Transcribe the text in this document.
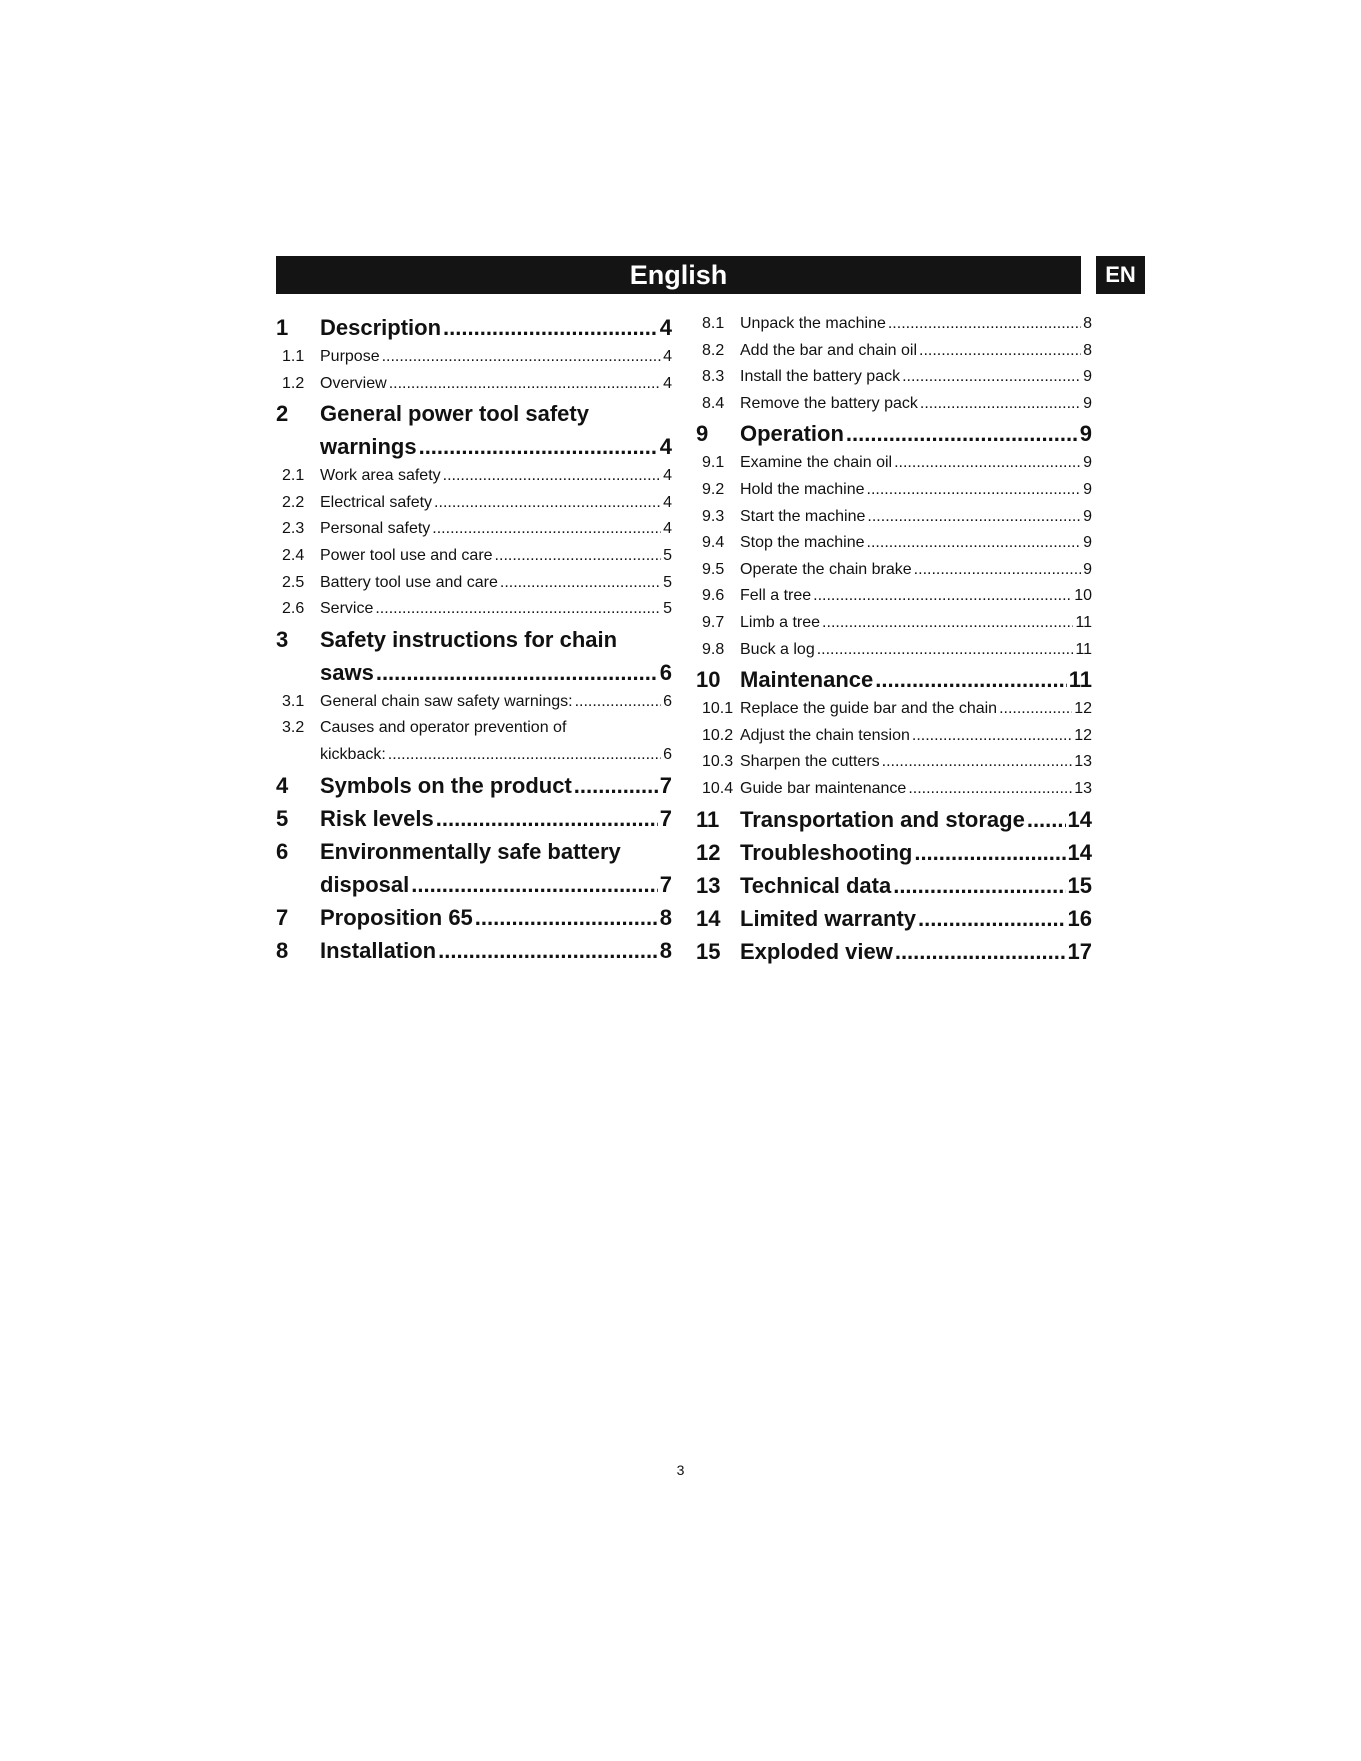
English	EN
1	Description .....	4
1.1 Purpose .....	4
1.2 Overview .....	4
2	General power tool safety
warnings .....	4
2.1 Work area safety .....	4
2.2 Electrical safety .....	4
2.3 Personal safety .....	4
2.4 Power tool use and care .....	5
2.5 Battery tool use and care .....	5
2.6 Service .....	5
3	Safety instructions for chain
saws .....	6
3.1 General chain saw safety warnings: .....	6
3.2 Causes and operator prevention of
kickback: .....	6
4	Symbols on the product .....	7
5	Risk levels .....	7
6	Environmentally safe battery
disposal .....	7
7	Proposition 65 .....	8
8	Installation .....	8
8.1 Unpack the machine .....	8
8.2 Add the bar and chain oil .....	8
8.3 Install the battery pack .....	9
8.4 Remove the battery pack .....	9
9	Operation .....	9
9.1 Examine the chain oil .....	9
9.2 Hold the machine .....	9
9.3 Start the machine .....	9
9.4 Stop the machine .....	9
9.5 Operate the chain brake .....	9
9.6 Fell a tree .....	10
9.7 Limb a tree .....	11
9.8 Buck a log .....	11
10 Maintenance .....	11
10.1 Replace the guide bar and the chain .....	12
10.2 Adjust the chain tension .....	12
10.3 Sharpen the cutters .....	13
10.4 Guide bar maintenance .....	13
11 Transportation and storage ..... 14
12 Troubleshooting .....	14
13 Technical data .....	15
14 Limited warranty .....	16
15 Exploded view .....	17
3
